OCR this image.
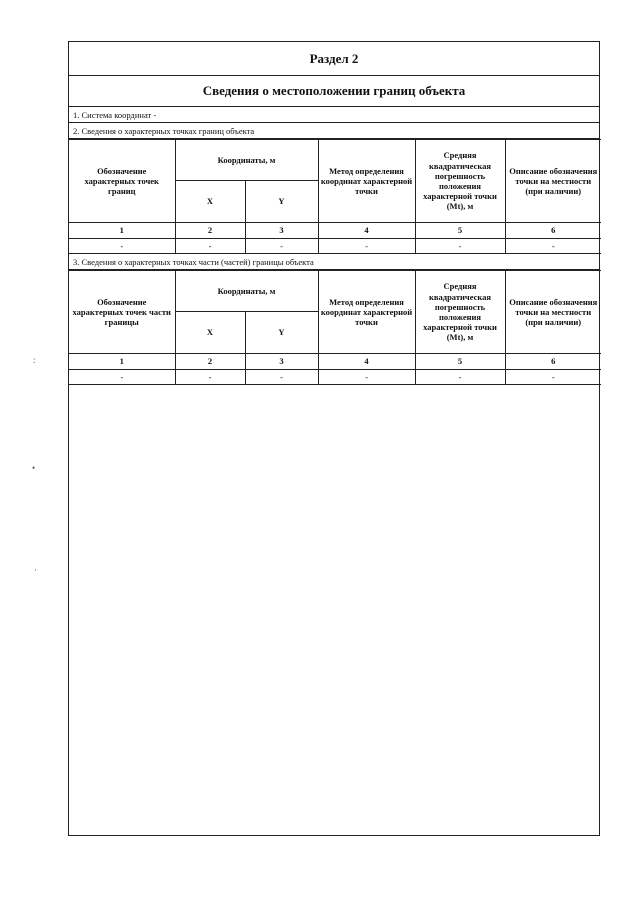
:
•
·
Раздел 2
Сведения о местоположении границ объекта
1. Система координат -
2. Сведения о характерных точках границ объекта
Обозначение характерных точек границ	Координаты, м		Метод определения координат характерной точки	Средняя квадратическая погрешность положения характерной точки (Mt), м	Описание обозначения точки на местности (при наличии)
	X	Y			
1	2	3	4	5	6
-	-	-	-	-	-
3. Сведения о характерных точках части (частей) границы объекта
Обозначение характерных точек части границы	Координаты, м		Метод определения координат характерной точки	Средняя квадратическая погрешность положения характерной точки (Mt), м	Описание обозначения точки на местности (при наличии)
	X	Y			
1	2	3	4	5	6
-	-	-	-	-	-
